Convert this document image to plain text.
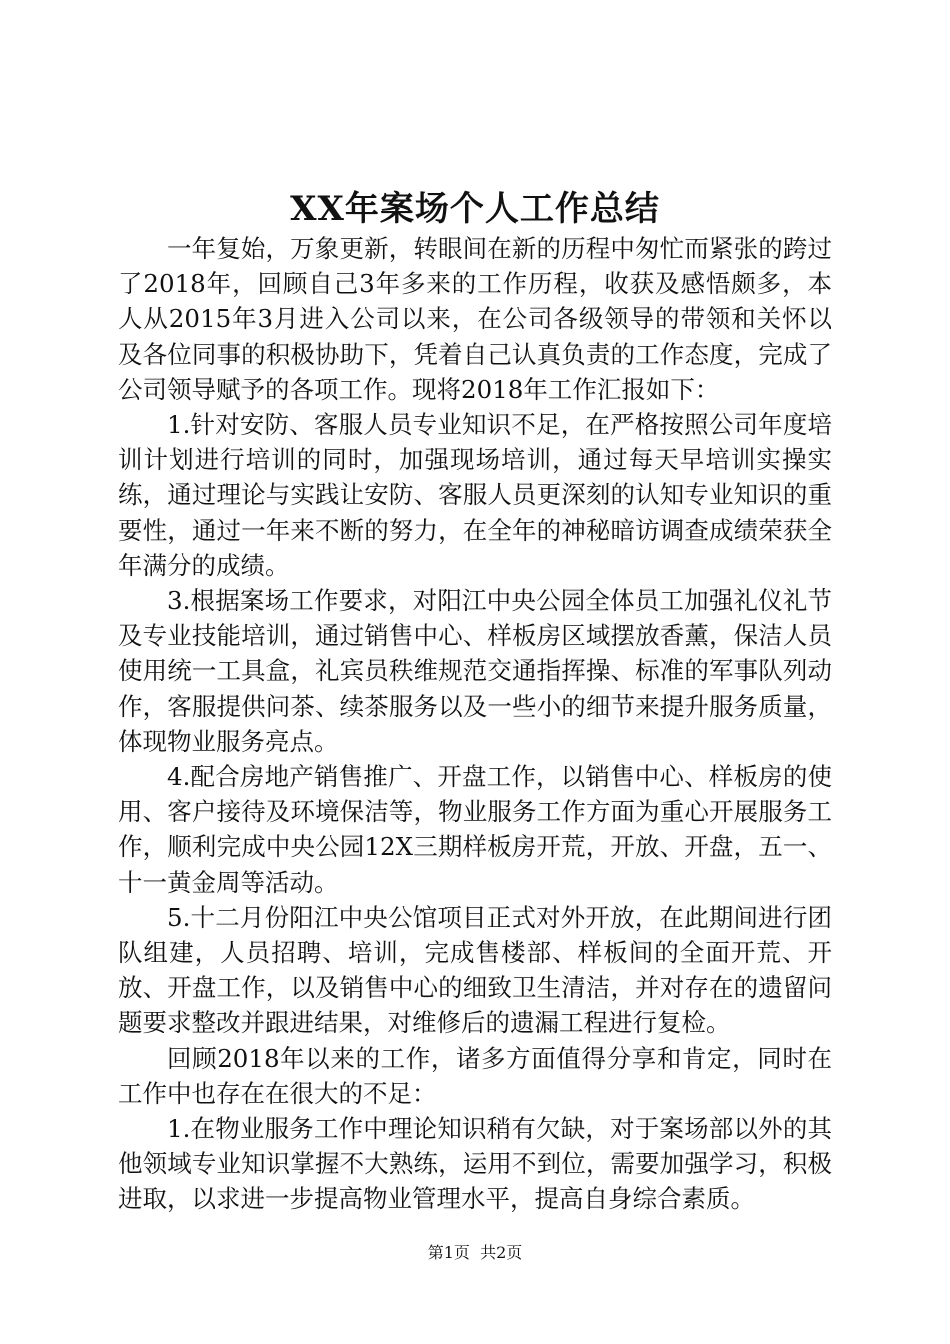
XX年案场个人工作总结

一年复始，万象更新，转眼间在新的历程中匆忙而紧张的跨过了2018年，回顾自己3年多来的工作历程，收获及感悟颇多，本人从2015年3月进入公司以来，在公司各级领导的带领和关怀以及各位同事的积极协助下，凭着自己认真负责的工作态度，完成了公司领导赋予的各项工作。现将2018年工作汇报如下：

1.针对安防、客服人员专业知识不足，在严格按照公司年度培训计划进行培训的同时，加强现场培训，通过每天早培训实操实练，通过理论与实践让安防、客服人员更深刻的认知专业知识的重要性，通过一年来不断的努力，在全年的神秘暗访调查成绩荣获全年满分的成绩。

3.根据案场工作要求，对阳江中央公园全体员工加强礼仪礼节及专业技能培训，通过销售中心、样板房区域摆放香薰，保洁人员使用统一工具盒，礼宾员秩维规范交通指挥操、标准的军事队列动作，客服提供问茶、续茶服务以及一些小的细节来提升服务质量，体现物业服务亮点。

4.配合房地产销售推广、开盘工作，以销售中心、样板房的使用、客户接待及环境保洁等，物业服务工作方面为重心开展服务工作，顺利完成中央公园12X三期样板房开荒，开放、开盘，五一、十一黄金周等活动。

5.十二月份阳江中央公馆项目正式对外开放，在此期间进行团队组建，人员招聘、培训，完成售楼部、样板间的全面开荒、开放、开盘工作，以及销售中心的细致卫生清洁，并对存在的遗留问题要求整改并跟进结果，对维修后的遗漏工程进行复检。

回顾2018年以来的工作，诸多方面值得分享和肯定，同时在工作中也存在在很大的不足：

1.在物业服务工作中理论知识稍有欠缺，对于案场部以外的其他领域专业知识掌握不大熟练，运用不到位，需要加强学习，积极进取，以求进一步提高物业管理水平，提高自身综合素质。

第1页 共2页
